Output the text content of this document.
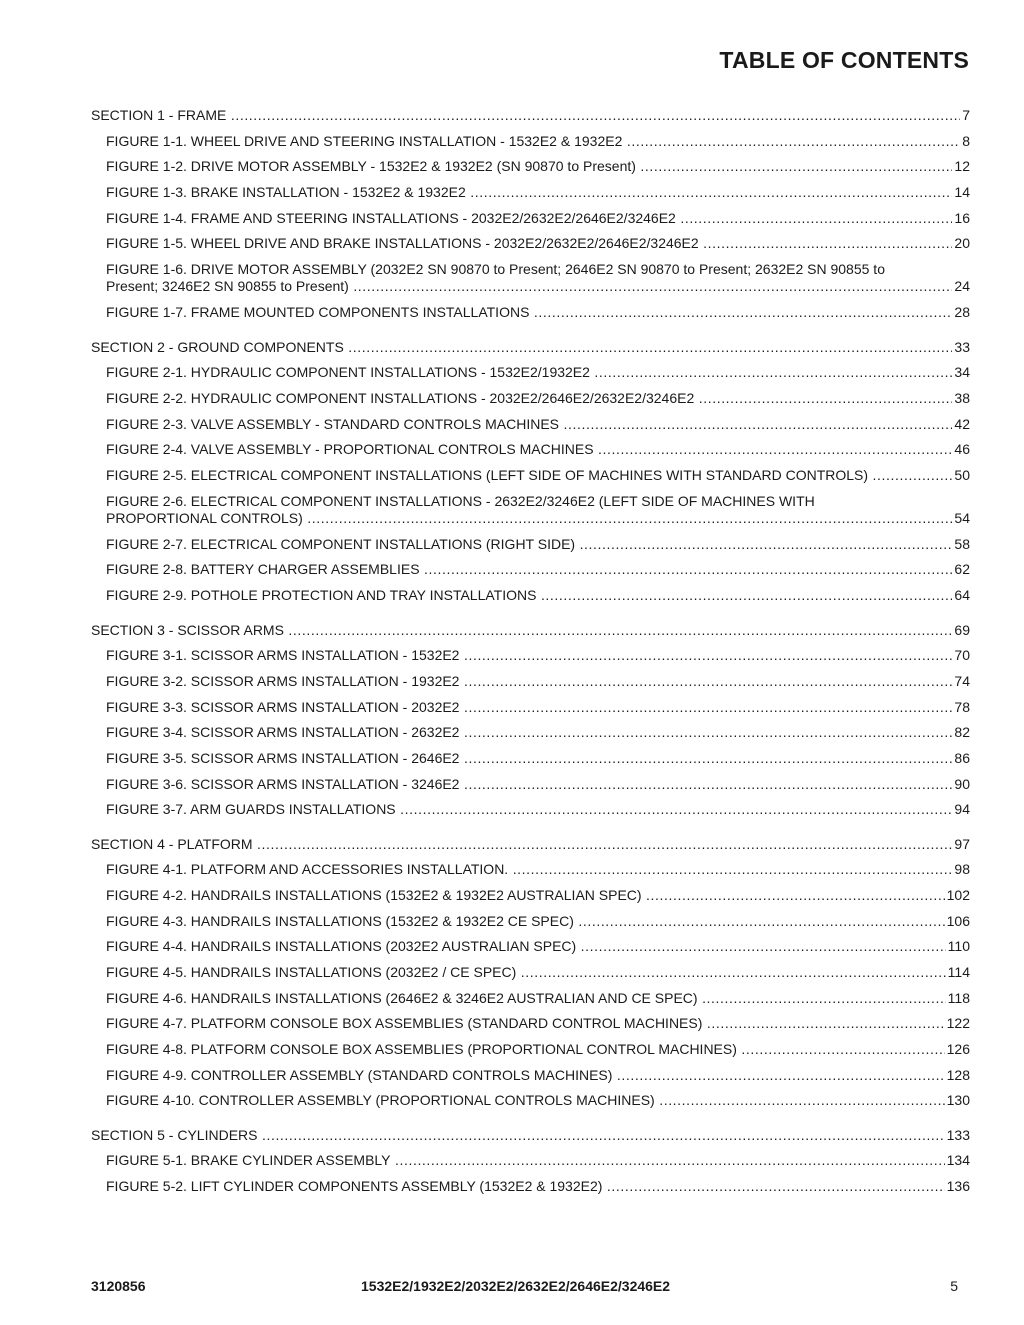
TABLE OF CONTENTS
SECTION 1 - FRAME .....	7
FIGURE 1-1. WHEEL DRIVE AND STEERING INSTALLATION - 1532E2 & 1932E2 .....	8
FIGURE 1-2. DRIVE MOTOR ASSEMBLY - 1532E2 & 1932E2 (SN 90870 to Present) .....	12
FIGURE 1-3. BRAKE INSTALLATION - 1532E2 & 1932E2 .....	14
FIGURE 1-4. FRAME AND STEERING INSTALLATIONS - 2032E2/2632E2/2646E2/3246E2 .....	16
FIGURE 1-5. WHEEL DRIVE AND BRAKE INSTALLATIONS - 2032E2/2632E2/2646E2/3246E2 .....	20
FIGURE 1-6. DRIVE MOTOR ASSEMBLY (2032E2 SN 90870 to Present; 2646E2 SN 90870 to Present; 2632E2 SN 90855 to
Present; 3246E2 SN 90855 to Present) .....	24
FIGURE 1-7. FRAME MOUNTED COMPONENTS INSTALLATIONS .....	28
SECTION 2 - GROUND COMPONENTS .....	33
FIGURE 2-1. HYDRAULIC COMPONENT INSTALLATIONS - 1532E2/1932E2 .....	34
FIGURE 2-2. HYDRAULIC COMPONENT INSTALLATIONS - 2032E2/2646E2/2632E2/3246E2 .....	38
FIGURE 2-3. VALVE ASSEMBLY - STANDARD CONTROLS MACHINES .....	42
FIGURE 2-4. VALVE ASSEMBLY - PROPORTIONAL CONTROLS MACHINES .....	46
FIGURE 2-5. ELECTRICAL COMPONENT INSTALLATIONS (LEFT SIDE OF MACHINES WITH STANDARD CONTROLS) .....	50
FIGURE 2-6. ELECTRICAL COMPONENT INSTALLATIONS - 2632E2/3246E2 (LEFT SIDE OF MACHINES WITH
PROPORTIONAL CONTROLS) .....	54
FIGURE 2-7. ELECTRICAL COMPONENT INSTALLATIONS (RIGHT SIDE) .....	58
FIGURE 2-8. BATTERY CHARGER ASSEMBLIES .....	62
FIGURE 2-9. POTHOLE PROTECTION AND TRAY INSTALLATIONS .....	64
SECTION 3 - SCISSOR ARMS .....	69
FIGURE 3-1. SCISSOR ARMS INSTALLATION - 1532E2 .....	70
FIGURE 3-2. SCISSOR ARMS INSTALLATION - 1932E2 .....	74
FIGURE 3-3. SCISSOR ARMS INSTALLATION - 2032E2 .....	78
FIGURE 3-4. SCISSOR ARMS INSTALLATION - 2632E2 .....	82
FIGURE 3-5. SCISSOR ARMS INSTALLATION - 2646E2 .....	86
FIGURE 3-6. SCISSOR ARMS INSTALLATION - 3246E2 .....	90
FIGURE 3-7. ARM GUARDS INSTALLATIONS .....	94
SECTION 4 - PLATFORM .....	97
FIGURE 4-1. PLATFORM AND ACCESSORIES INSTALLATION. .....	98
FIGURE 4-2. HANDRAILS INSTALLATIONS (1532E2 & 1932E2 AUSTRALIAN SPEC) .....	102
FIGURE 4-3. HANDRAILS INSTALLATIONS (1532E2 & 1932E2 CE SPEC) .....	106
FIGURE 4-4. HANDRAILS INSTALLATIONS (2032E2 AUSTRALIAN SPEC) .....	110
FIGURE 4-5. HANDRAILS INSTALLATIONS (2032E2 / CE SPEC) .....	114
FIGURE 4-6. HANDRAILS INSTALLATIONS (2646E2 & 3246E2 AUSTRALIAN AND CE SPEC) .....	118
FIGURE 4-7. PLATFORM CONSOLE BOX ASSEMBLIES (STANDARD CONTROL MACHINES) .....	122
FIGURE 4-8. PLATFORM CONSOLE BOX ASSEMBLIES (PROPORTIONAL CONTROL MACHINES) .....	126
FIGURE 4-9. CONTROLLER ASSEMBLY (STANDARD CONTROLS MACHINES) .....	128
FIGURE 4-10. CONTROLLER ASSEMBLY (PROPORTIONAL CONTROLS MACHINES) .....	130
SECTION 5 - CYLINDERS .....	133
FIGURE 5-1. BRAKE CYLINDER ASSEMBLY .....	134
FIGURE 5-2. LIFT CYLINDER COMPONENTS ASSEMBLY (1532E2 & 1932E2) .....	136
3120856	1532E2/1932E2/2032E2/2632E2/2646E2/3246E2	5
